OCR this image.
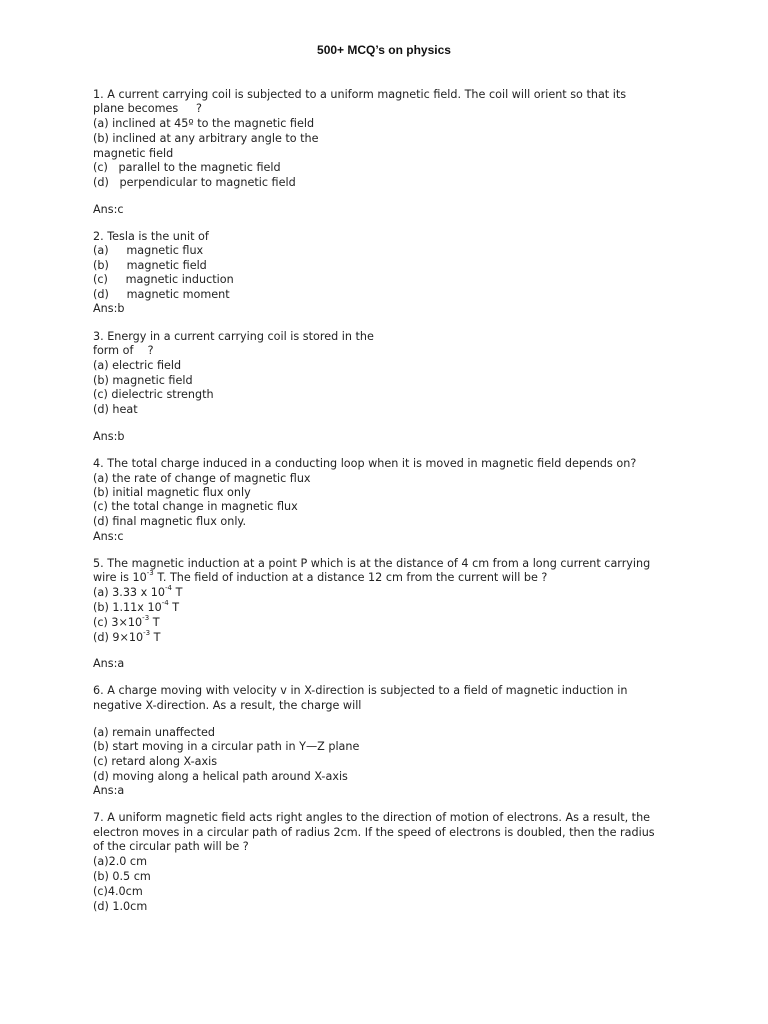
500+ MCQ’s on physics
1. A current carrying coil is subjected to a uniform magnetic field. The coil will orient so that its
plane becomes     ?
(a) inclined at 45º to the magnetic field
(b) inclined at any arbitrary angle to the
magnetic field
(c)   parallel to the magnetic field
(d)   perpendicular to magnetic field
Ans:c
2. Tesla is the unit of
(a)     magnetic flux
(b)     magnetic field
(c)     magnetic induction
(d)     magnetic moment
Ans:b
3. Energy in a current carrying coil is stored in the
form of    ?
(a) electric field
(b) magnetic field
(c) dielectric strength
(d) heat
Ans:b
4. The total charge induced in a conducting loop when it is moved in magnetic field depends on?
(a) the rate of change of magnetic flux
(b) initial magnetic flux only
(c) the total change in magnetic flux
(d) final magnetic flux only.
Ans:c
5. The magnetic induction at a point P which is at the distance of 4 cm from a long current carrying
wire is $10^{-3}$ T. The field of induction at a distance 12 cm from the current will be ?
(a) 3.33 x $10^{-4}$ T
(b) 1.11x $10^{-4}$ T
(c) $3\times 10^{-3}$ T
(d) $9\times 10^{-3}$ T
Ans:a
6. A charge moving with velocity v in X-direction is subjected to a field of magnetic induction in
negative X-direction. As a result, the charge will
(a) remain unaffected
(b) start moving in a circular path in Y—Z plane
(c) retard along X-axis
(d) moving along a helical path around X-axis
Ans:a
7. A uniform magnetic field acts right angles to the direction of motion of electrons. As a result, the
electron moves in a circular path of radius 2cm. If the speed of electrons is doubled, then the radius
of the circular path will be ?
(a)2.0 cm
(b) 0.5 cm
(c)4.0cm
(d) 1.0cm
